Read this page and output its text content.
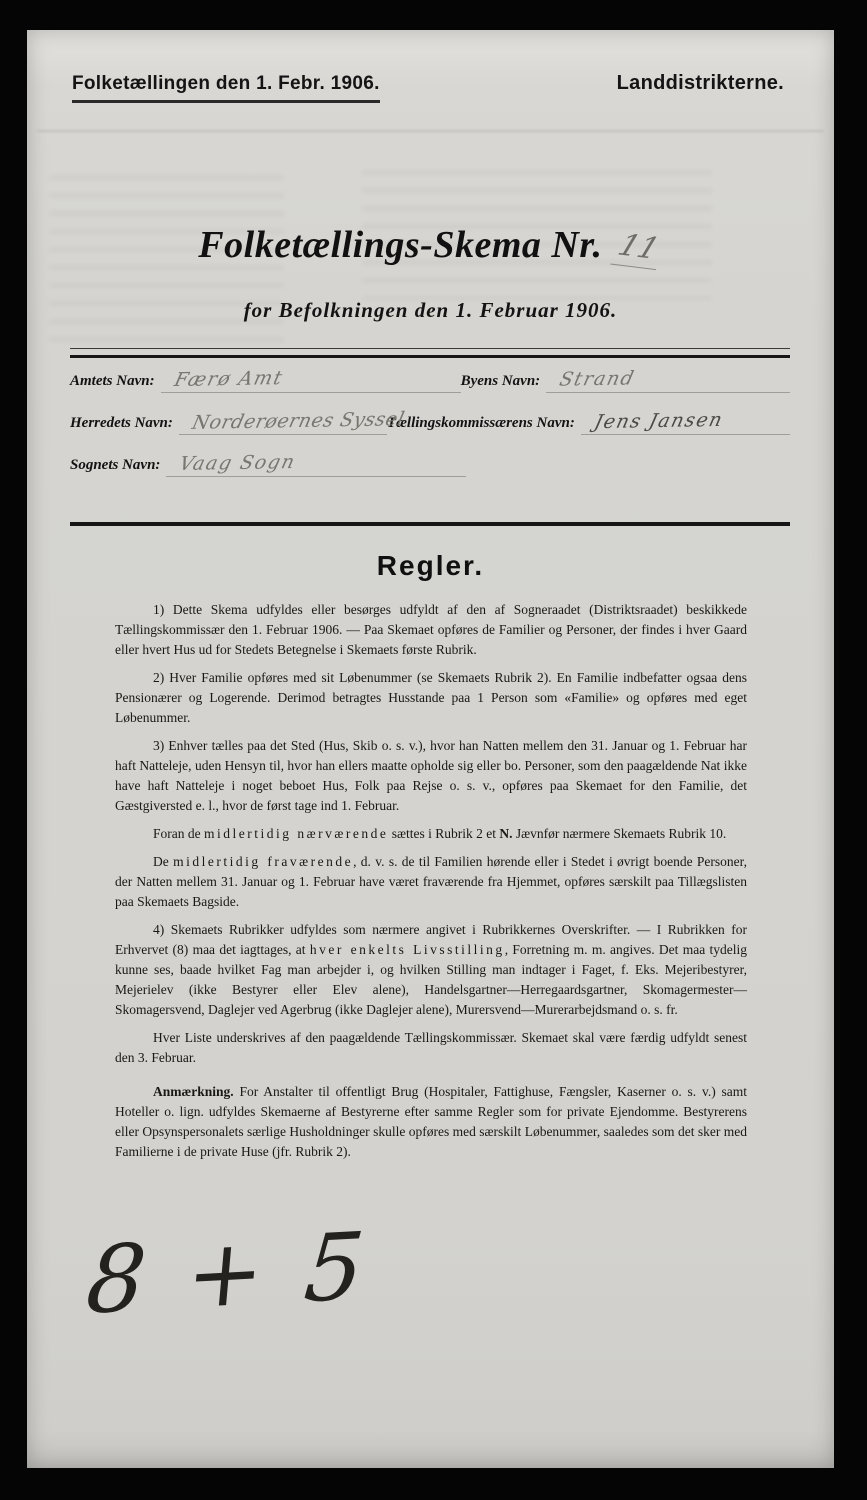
Folketællingen den 1. Febr. 1906.	Landdistrikterne.
Folketællings-Skema Nr. 11
for Befolkningen den 1. Februar 1906.
Amtets Navn: Færø Amt	Byens Navn: Strand
Herredets Navn: Norderøernes Syssel
Tællingskommissærens Navn: Jens Jansen
Sognets Navn: Vaag Sogn
Regler.

1) Dette Skema udfyldes eller besørges udfyldt af den af Sogneraadet (Distriktsraadet) beskikkede Tællingskommissær den 1. Februar 1906. — Paa Skemaet opføres de Familier og Personer, der findes i hver Gaard eller hvert Hus ud for Stedets Betegnelse i Skemaets første Rubrik.

2) Hver Familie opføres med sit Løbenummer (se Skemaets Rubrik 2). En Familie indbefatter ogsaa dens Pensionærer og Logerende. Derimod betragtes Husstande paa 1 Person som «Familie» og opføres med eget Løbenummer.

3) Enhver tælles paa det Sted (Hus, Skib o. s. v.), hvor han Natten mellem den 31. Januar og 1. Februar har haft Natteleje, uden Hensyn til, hvor han ellers maatte opholde sig eller bo. Personer, som den paagældende Nat ikke have haft Natteleje i noget beboet Hus, Folk paa Rejse o. s. v., opføres paa Skemaet for den Familie, det Gæstgiversted e. l., hvor de først tage ind 1. Februar.

Foran de midlertidig nærværende sættes i Rubrik 2 et N. Jævnfør nærmere Skemaets Rubrik 10.

De midlertidig fraværende, d. v. s. de til Familien hørende eller i Stedet i øvrigt boende Personer, der Natten mellem 31. Januar og 1. Februar have været fraværende fra Hjemmet, opføres særskilt paa Tillægslisten paa Skemaets Bagside.

4) Skemaets Rubrikker udfyldes som nærmere angivet i Rubrikkernes Overskrifter. — I Rubrikken for Erhvervet (8) maa det iagttages, at hver enkelts Livsstilling, Forretning m. m. angives. Det maa tydelig kunne ses, baade hvilket Fag man arbejder i, og hvilken Stilling man indtager i Faget, f. Eks. Mejeribestyrer, Mejerielev (ikke Bestyrer eller Elev alene), Handelsgartner—Herregaardsgartner, Skomagermester—Skomagersvend, Daglejer ved Agerbrug (ikke Daglejer alene), Murersvend—Murerarbejdsmand o. s. fr.

Hver Liste underskrives af den paagældende Tællingskommissær. Skemaet skal være færdig udfyldt senest den 3. Februar.

Anmærkning. For Anstalter til offentligt Brug (Hospitaler, Fattighuse, Fængsler, Kaserner o. s. v.) samt Hoteller o. lign. udfyldes Skemaerne af Bestyrerne efter samme Regler som for private Ejendomme. Bestyrerens eller Opsynspersonalets særlige Husholdninger skulle opføres med særskilt Løbenummer, saaledes som det sker med Familierne i de private Huse (jfr. Rubrik 2).

8 + 5
